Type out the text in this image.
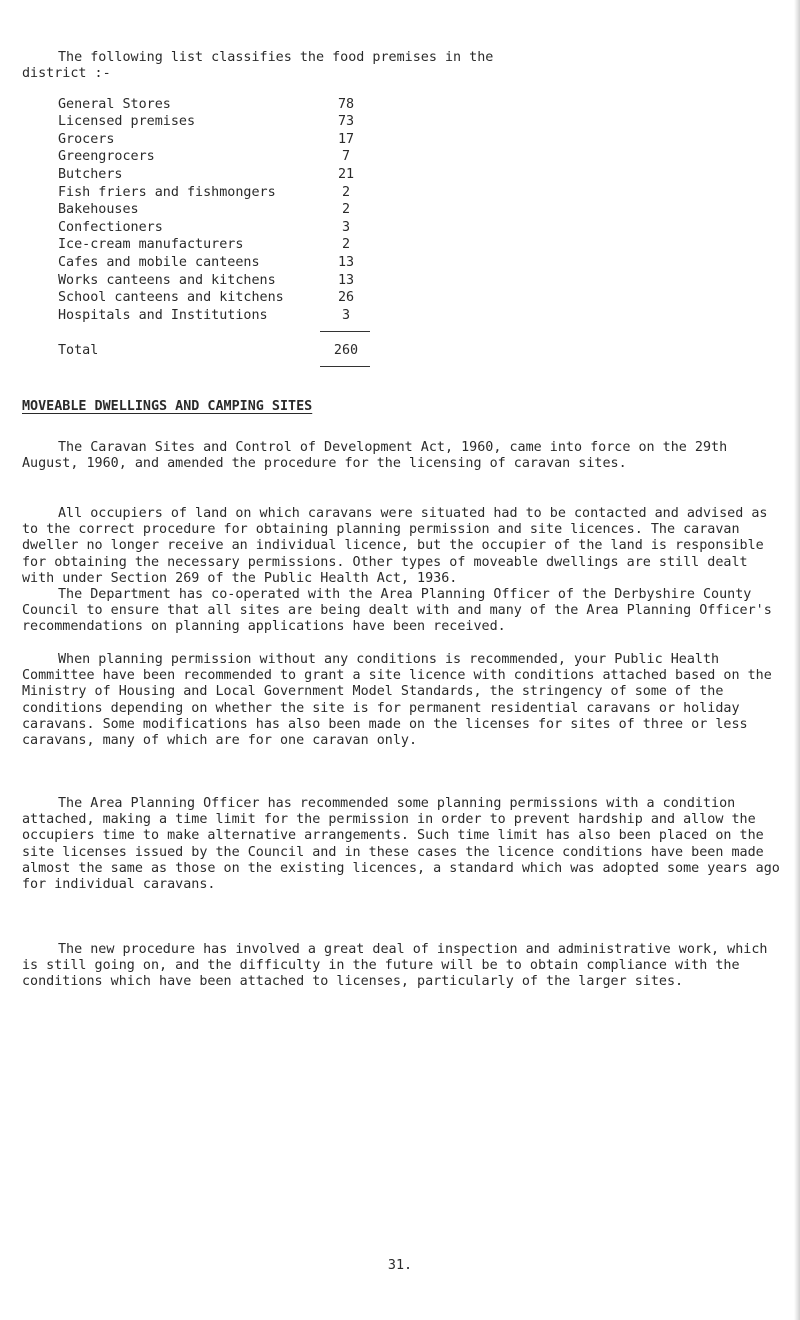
The following list classifies the food premises in the
district :-

General Stores	78
Licensed premises	73
Grocers	17
Greengrocers	7
Butchers	21
Fish friers and fishmongers	2
Bakehouses	2
Confectioners	3
Ice-cream manufacturers	2
Cafes and mobile canteens	13
Works canteens and kitchens	13
School canteens and kitchens	26
Hospitals and Institutions	3
Total	260
MOVEABLE DWELLINGS AND CAMPING SITES

The Caravan Sites and Control of Development Act, 1960, came into force on the 29th August, 1960, and amended the procedure for the licensing of caravan sites.

All occupiers of land on which caravans were situated had to be contacted and advised as to the correct procedure for obtaining planning permission and site licences. The caravan dweller no longer receive an individual licence, but the occupier of the land is responsible for obtaining the necessary permissions. Other types of moveable dwellings are still dealt with under Section 269 of the Public Health Act, 1936.

The Department has co-operated with the Area Planning Officer of the Derbyshire County Council to ensure that all sites are being dealt with and many of the Area Planning Officer's recommendations on planning applications have been received.

When planning permission without any conditions is recommended, your Public Health Committee have been recommended to grant a site licence with conditions attached based on the Ministry of Housing and Local Government Model Standards, the stringency of some of the conditions depending on whether the site is for permanent residential caravans or holiday caravans. Some modifications has also been made on the licenses for sites of three or less caravans, many of which are for one caravan only.

The Area Planning Officer has recommended some planning permissions with a condition attached, making a time limit for the permission in order to prevent hardship and allow the occupiers time to make alternative arrangements. Such time limit has also been placed on the site licenses issued by the Council and in these cases the licence conditions have been made almost the same as those on the existing licences, a standard which was adopted some years ago for individual caravans.

The new procedure has involved a great deal of inspection and administrative work, which is still going on, and the difficulty in the future will be to obtain compliance with the conditions which have been attached to licenses, particularly of the larger sites.

31.
